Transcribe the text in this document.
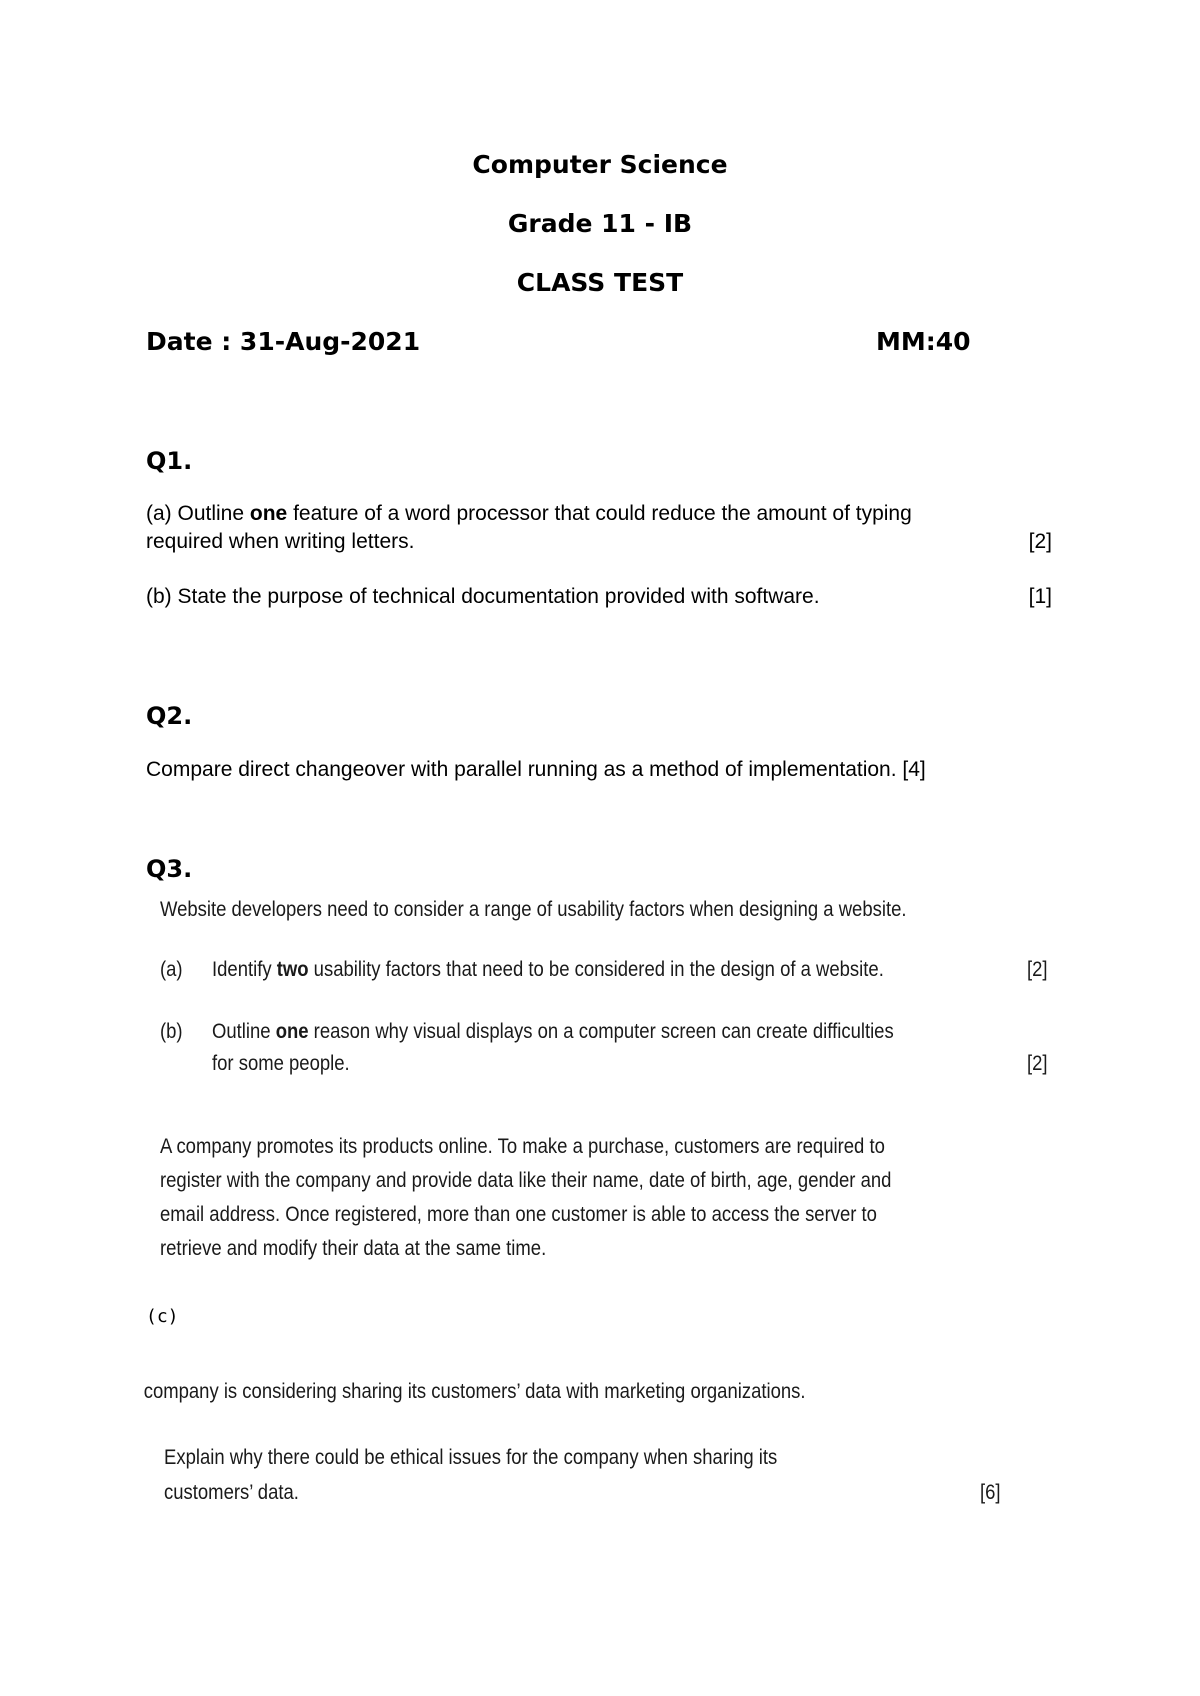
Computer Science
Grade 11 - IB
CLASS TEST
Date : 31-Aug-2021	MM:40
Q1.
(a) Outline one feature of a word processor that could reduce the amount of typing
required when writing letters.	[2]
(b) State the purpose of technical documentation provided with software.	[1]
Q2.
Compare direct changeover with parallel running as a method of implementation. [4]
Q3.
Website developers need to consider a range of usability factors when designing a website.
(a) Identify two usability factors that need to be considered in the design of a website.	[2]
(b) Outline one reason why visual displays on a computer screen can create difficulties
for some people.	[2]
A company promotes its products online. To make a purchase, customers are required to
register with the company and provide data like their name, date of birth, age, gender and
email address. Once registered, more than one customer is able to access the server to
retrieve and modify their data at the same time.
(c)
 company is considering sharing its customers’ data with marketing organizations.
Explain why there could be ethical issues for the company when sharing its
customers’ data.	[6]
